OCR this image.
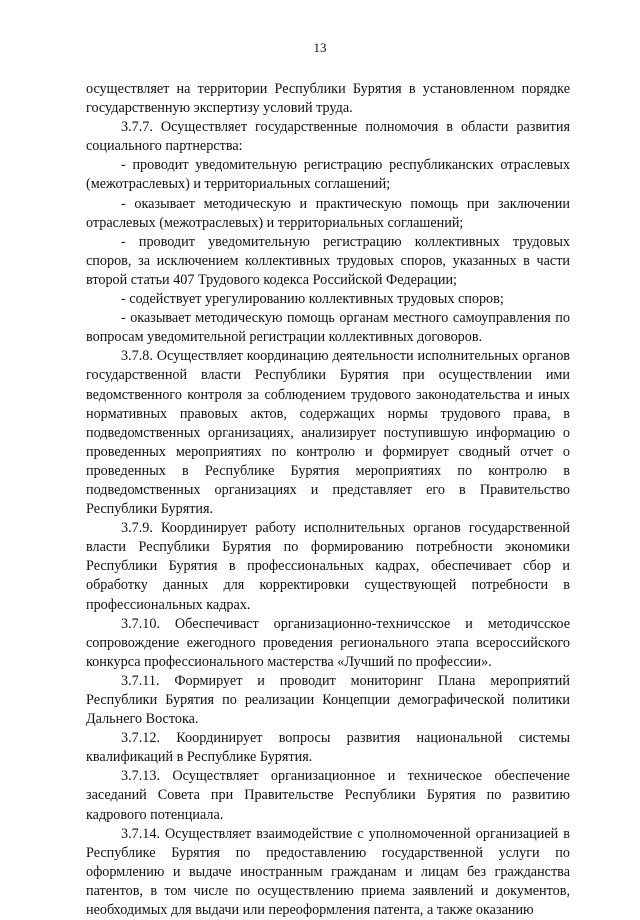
13

осуществляет на территории Республики Бурятия в установленном порядке государственную экспертизу условий труда.

3.7.7. Осуществляет государственные полномочия в области развития социального партнерства:

- проводит уведомительную регистрацию республиканских отраслевых (межотраслевых) и территориальных соглашений;

- оказывает методическую и практическую помощь при заключении отраслевых (межотраслевых) и территориальных соглашений;

- проводит уведомительную регистрацию коллективных трудовых споров, за исключением коллективных трудовых споров, указанных в части второй статьи 407 Трудового кодекса Российской Федерации;

- содействует урегулированию коллективных трудовых споров;

- оказывает методическую помощь органам местного самоуправления по вопросам уведомительной регистрации коллективных договоров.

3.7.8. Осуществляет координацию деятельности исполнительных органов государственной власти Республики Бурятия при осуществлении ими ведомственного контроля за соблюдением трудового законодательства и иных нормативных правовых актов, содержащих нормы трудового права, в подведомственных организациях, анализирует поступившую информацию о проведенных мероприятиях по контролю и формирует сводный отчет о проведенных в Республике Бурятия мероприятиях по контролю в подведомственных организациях и представляет его в Правительство Республики Бурятия.

3.7.9. Координирует работу исполнительных органов государственной власти Республики Бурятия по формированию потребности экономики Республики Бурятия в профессиональных кадрах, обеспечивает сбор и обработку данных для корректировки существующей потребности в профессиональных кадрах.

3.7.10. Обеспечиваст организационно-техничсское и методичсское сопровождение ежегодного проведения регионального этапа всероссийского конкурса профессионального мастерства «Лучший по профессии».

3.7.11. Формирует и проводит мониторинг Плана мероприятий Республики Бурятия по реализации Концепции демографической политики Дальнего Востока.

3.7.12. Координирует вопросы развития национальной системы квалификаций в Республике Бурятия.

3.7.13. Осуществляет организационное и техническое обеспечение заседаний Совета при Правительстве Республики Бурятия по развитию кадрового потенциала.

3.7.14. Осуществляет взаимодействие с уполномоченной организацией в Республике Бурятия по предоставлению государственной услуги по оформлению и выдаче иностранным гражданам и лицам без гражданства патентов, в том числе по осуществлению приема заявлений и документов, необходимых для выдачи или переоформления патента, а также оказанию
